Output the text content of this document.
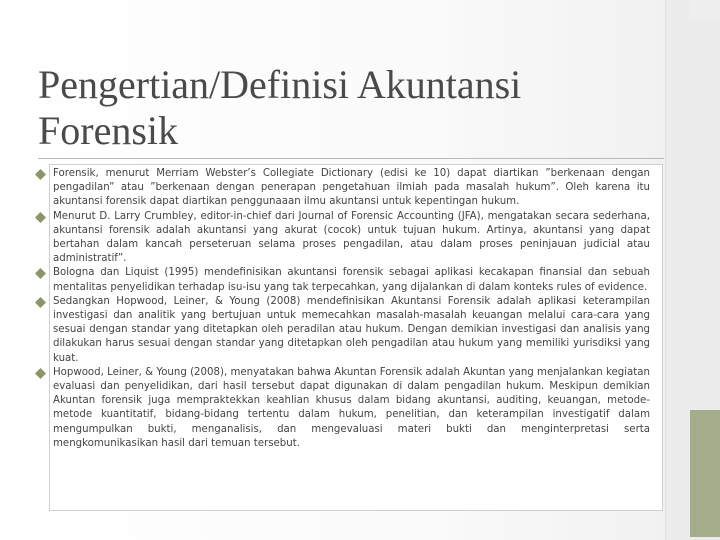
Pengertian/Definisi Akuntansi Forensik
Forensik, menurut Merriam Webster’s Collegiate Dictionary (edisi ke 10) dapat diartikan ”berkenaan dengan pengadilan” atau ”berkenaan dengan penerapan pengetahuan ilmiah pada masalah hukum”. Oleh karena itu akuntansi forensik dapat diartikan penggunaaan ilmu akuntansi untuk kepentingan hukum.
Menurut D. Larry Crumbley, editor-in-chief dari Journal of Forensic Accounting (JFA), mengatakan secara sederhana, akuntansi forensik adalah akuntansi yang akurat (cocok) untuk tujuan hukum. Artinya, akuntansi yang dapat bertahan dalam kancah perseteruan selama proses pengadilan, atau dalam proses peninjauan judicial atau administratif”.
Bologna dan Liquist (1995) mendefinisikan akuntansi forensik sebagai aplikasi kecakapan finansial dan sebuah mentalitas penyelidikan terhadap isu-isu yang tak terpecahkan, yang dijalankan di dalam konteks rules of evidence.
Sedangkan Hopwood, Leiner, & Young (2008) mendefinisikan Akuntansi Forensik adalah aplikasi keterampilan investigasi dan analitik yang bertujuan untuk memecahkan masalah-masalah keuangan melalui cara-cara yang sesuai dengan standar yang ditetapkan oleh peradilan atau hukum. Dengan demikian investigasi dan analisis yang dilakukan harus sesuai dengan standar yang ditetapkan oleh pengadilan atau hukum yang memiliki yurisdiksi yang kuat.
Hopwood, Leiner, & Young (2008), menyatakan bahwa Akuntan Forensik adalah Akuntan yang menjalankan kegiatan evaluasi dan penyelidikan, dari hasil tersebut dapat digunakan di dalam pengadilan hukum. Meskipun demikian Akuntan forensik juga mempraktekkan keahlian khusus dalam bidang akuntansi, auditing, keuangan, metode-metode kuantitatif, bidang-bidang tertentu dalam hukum, penelitian, dan keterampilan investigatif dalam mengumpulkan bukti, menganalisis, dan mengevaluasi materi bukti dan menginterpretasi serta mengkomunikasikan hasil dari temuan tersebut.
